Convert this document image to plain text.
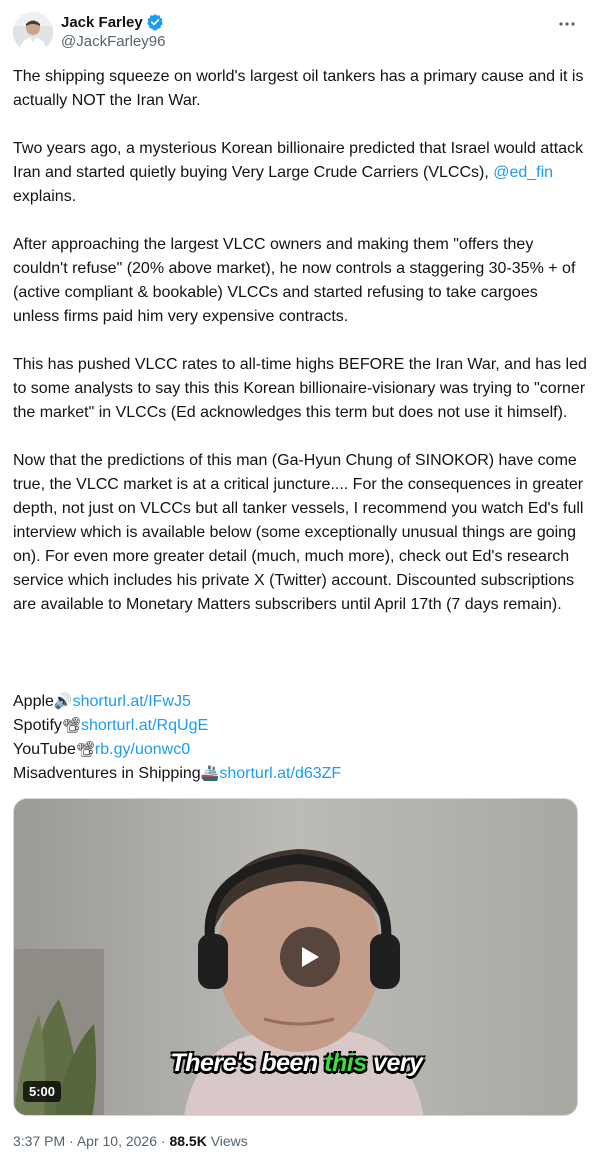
Jack Farley
@JackFarley96

The shipping squeeze on world's largest oil tankers has a primary cause and it is actually NOT the Iran War.

Two years ago, a mysterious Korean billionaire predicted that Israel would attack Iran and started quietly buying Very Large Crude Carriers (VLCCs), @ed_fin explains.

After approaching the largest VLCC owners and making them "offers they couldn't refuse" (20% above market), he now controls a staggering 30-35% + of (active compliant & bookable) VLCCs and started refusing to take cargoes unless firms paid him very expensive contracts.

This has pushed VLCC rates to all-time highs BEFORE the Iran War, and has led to some analysts to say this this Korean billionaire-visionary was trying to "corner the market" in VLCCs (Ed acknowledges this term but does not use it himself).

Now that the predictions of this man (Ga-Hyun Chung of SINOKOR) have come true, the VLCC market is at a critical juncture.... For the consequences in greater depth, not just on VLCCs but all tanker vessels, I recommend you watch Ed's full interview which is available below (some exceptionally unusual things are going on). For even more greater detail (much, much more), check out Ed's research service which includes his private X (Twitter) account. Discounted subscriptions are available to Monetary Matters subscribers until April 17th (7 days remain).

Apple🔊shorturl.at/IFwJ5
Spotify📽shorturl.at/RqUgE
YouTube📽rb.gy/uonwc0
Misadventures in Shipping🚢shorturl.at/d63ZF
There's been this very
5:00
3:37 PM · Apr 10, 2026 · 88.5K Views
